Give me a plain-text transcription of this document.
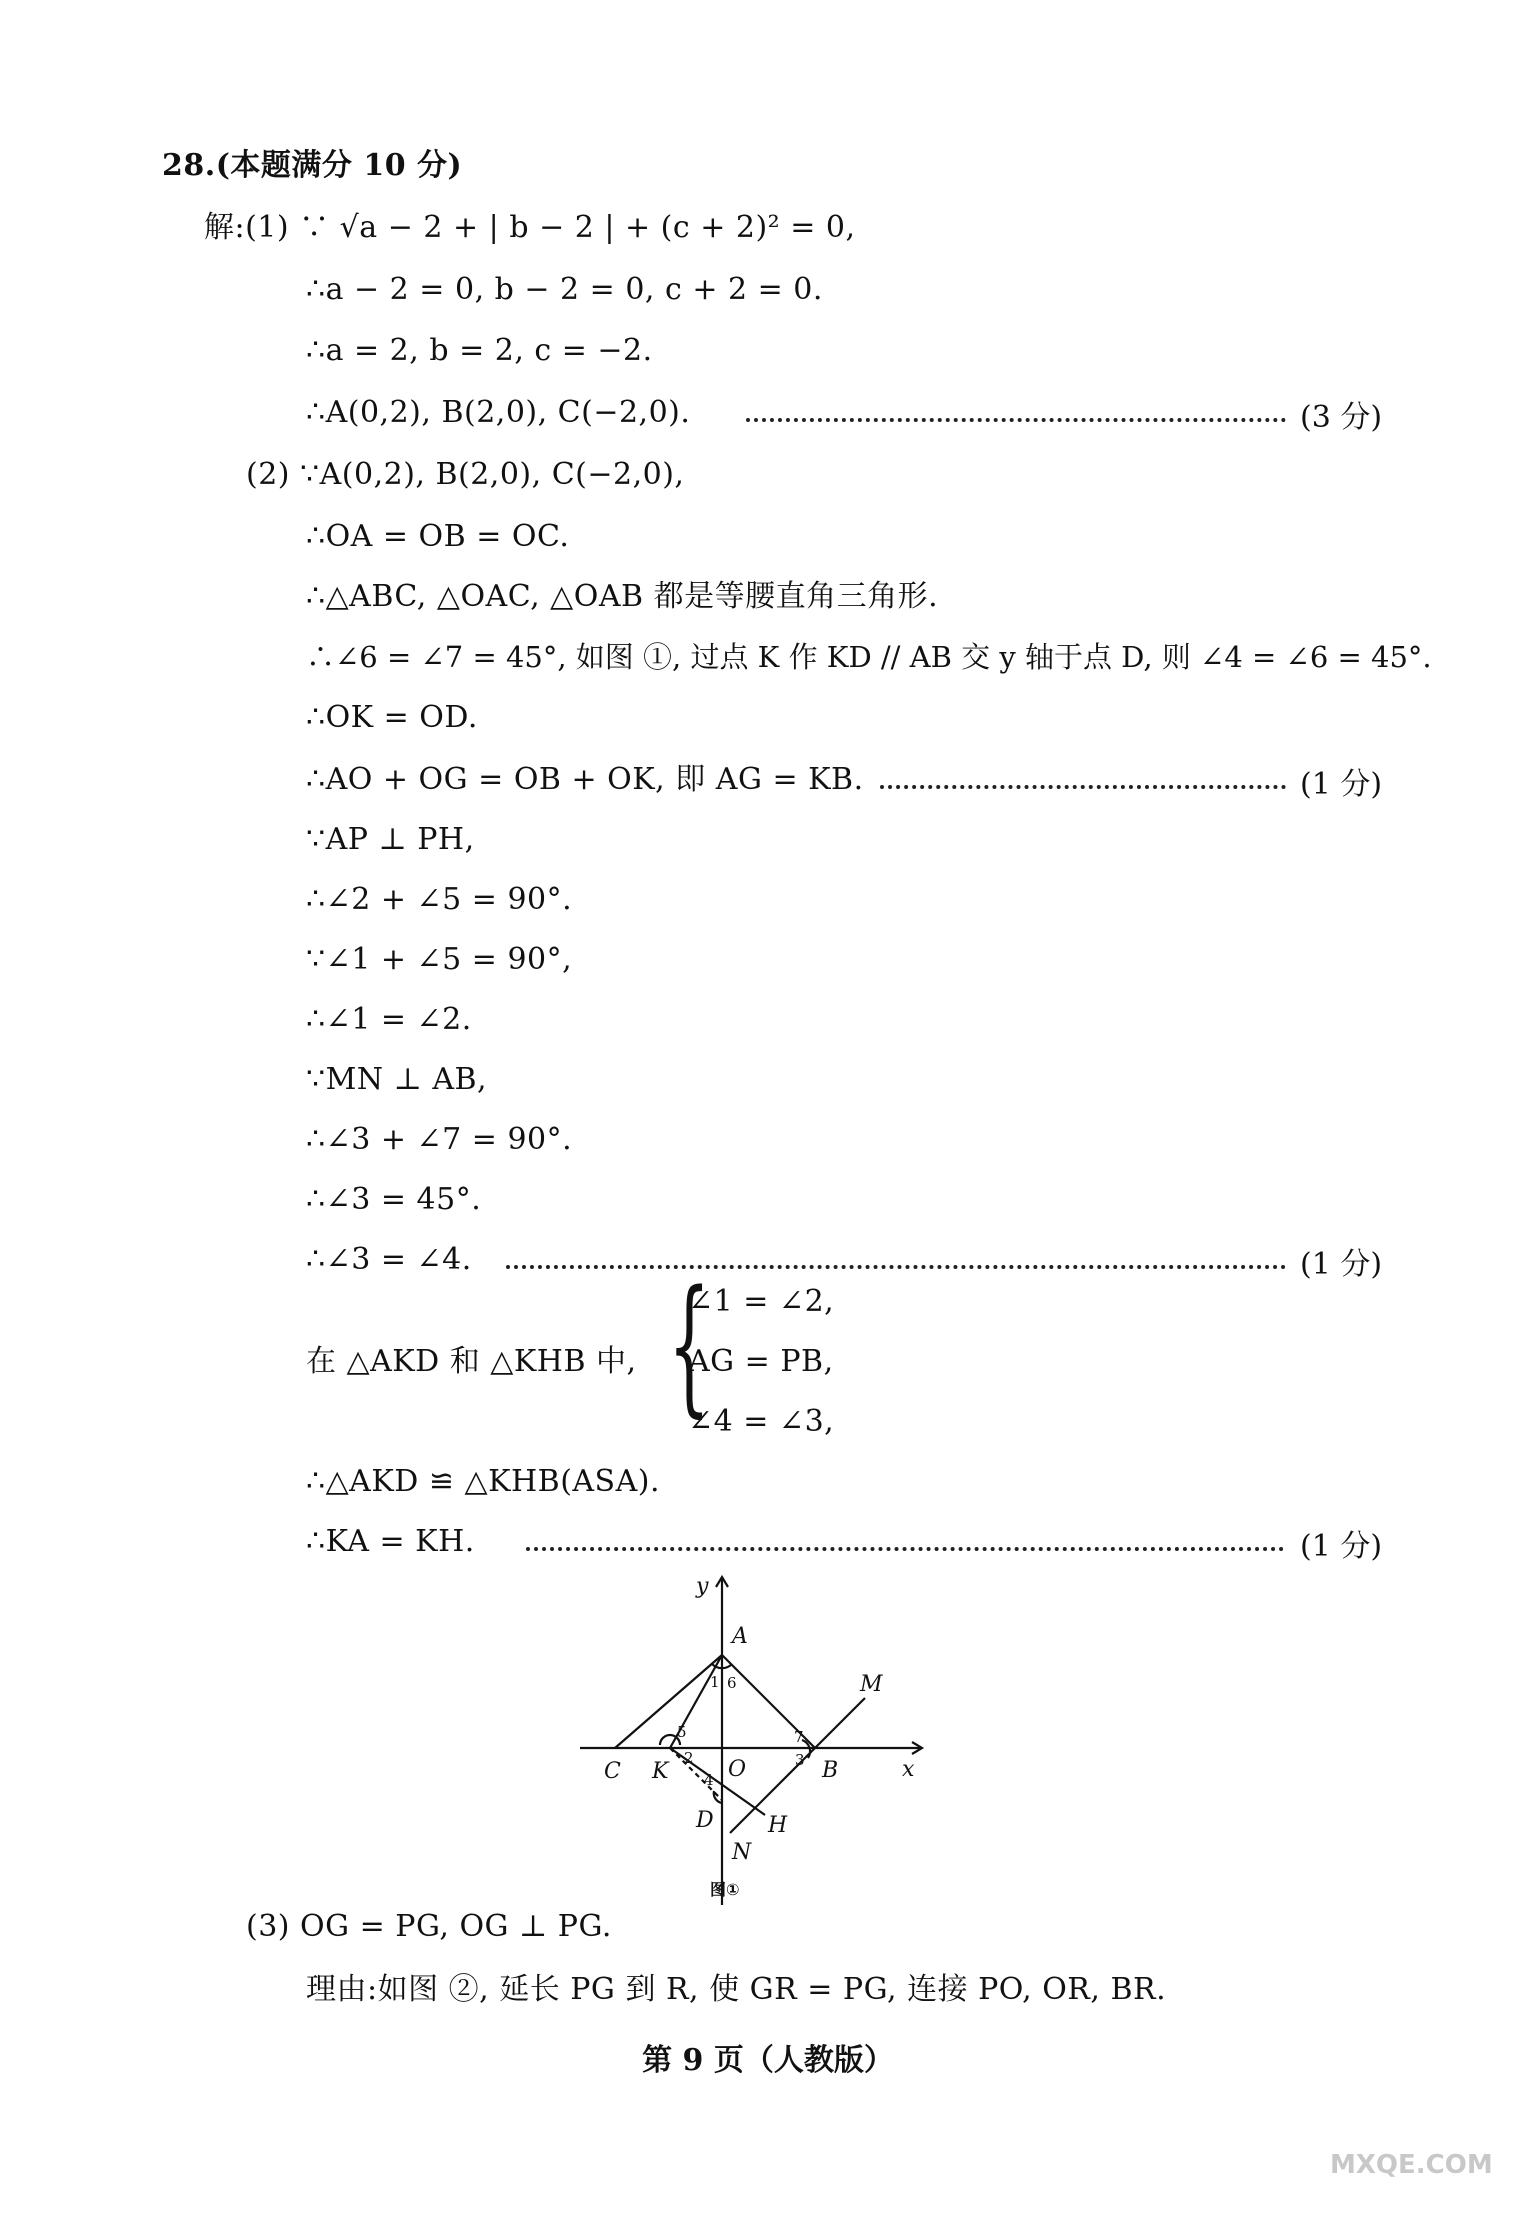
28.(本题满分 10 分)
解:(1) ∵ √a − 2 + | b − 2 | + (c + 2)² = 0,
∴a − 2 = 0, b − 2 = 0, c + 2 = 0.
∴a = 2, b = 2, c = −2.
∴A(0,2), B(2,0), C(−2,0).	(3 分)
(2) ∵A(0,2), B(2,0), C(−2,0),
∴OA = OB = OC.
∴△ABC, △OAC, △OAB 都是等腰直角三角形.
∴∠6 = ∠7 = 45°, 如图 ①, 过点 K 作 KD // AB 交 y 轴于点 D, 则 ∠4 = ∠6 = 45°.
∴OK = OD.
∴AO + OG = OB + OK, 即 AG = KB.	(1 分)
∵AP ⊥ PH,
∴∠2 + ∠5 = 90°.
∵∠1 + ∠5 = 90°,
∴∠1 = ∠2.
∵MN ⊥ AB,
∴∠3 + ∠7 = 90°.
∴∠3 = 45°.
∴∠3 = ∠4.	(1 分)
在 △AKD 和 △KHB 中, {
∠1 = ∠2,
AG = PB,
∠4 = ∠3,
∴△AKD ≌ △KHB(ASA).
∴KA = KH.	(1 分)
y
A
M
C K	O	B	x
D H
N
1 6
5
2
7
3
4
图①
(3) OG = PG, OG ⊥ PG.
理由:如图 ②, 延长 PG 到 R, 使 GR = PG, 连接 PO, OR, BR.
第 9 页（人教版）
MXQE.COM
